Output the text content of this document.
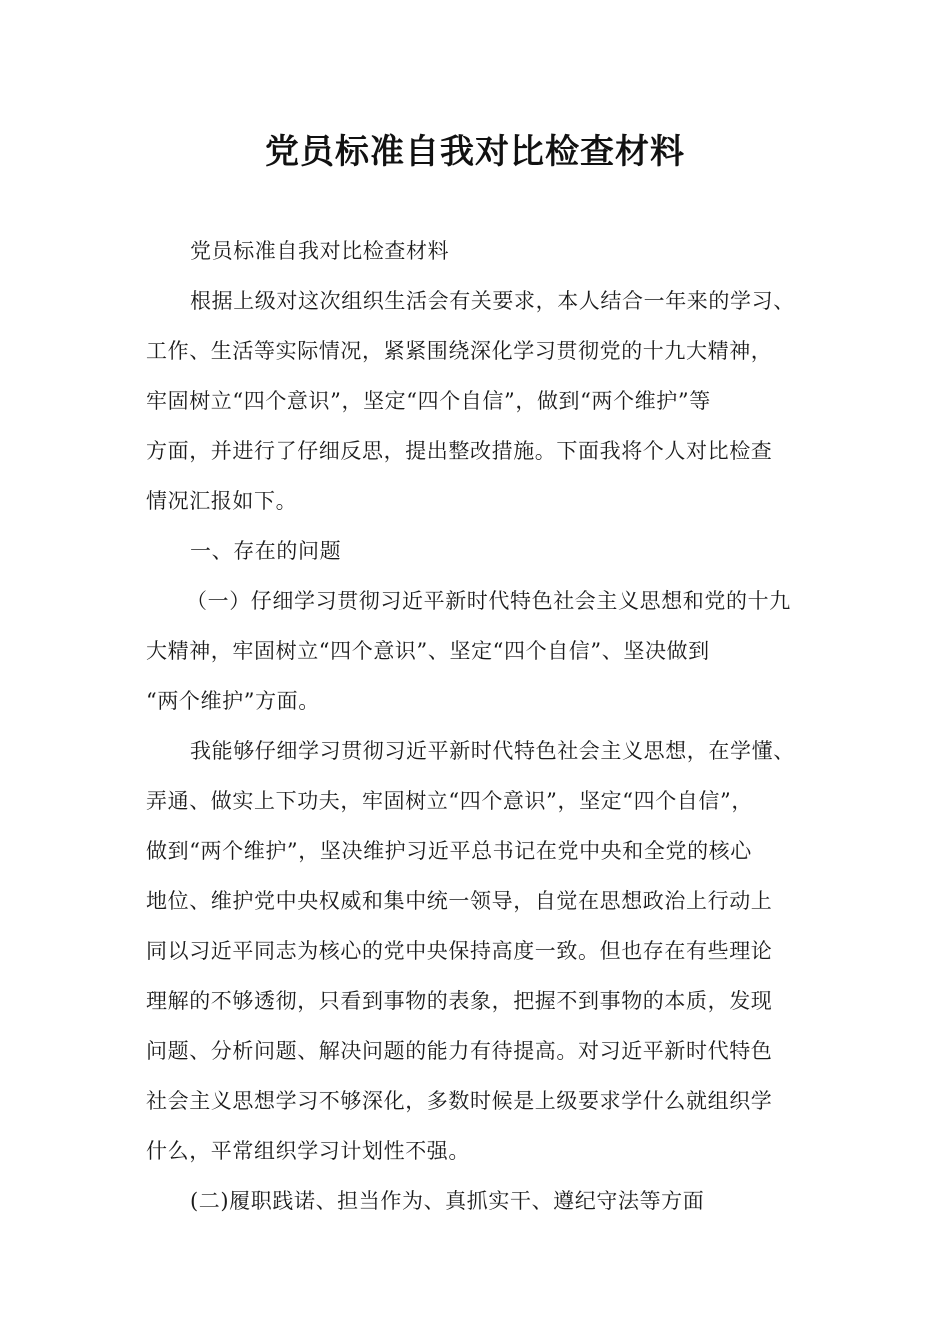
党员标准自我对比检查材料
党员标准自我对比检查材料
根据上级对这次组织生活会有关要求，本人结合一年来的学习、
工作、生活等实际情况，紧紧围绕深化学习贯彻党的十九大精神，
牢固树立“四个意识”，坚定“四个自信”，做到“两个维护”等
方面，并进行了仔细反思，提出整改措施。下面我将个人对比检查
情况汇报如下。
一、存在的问题
（一）仔细学习贯彻习近平新时代特色社会主义思想和党的十九
大精神，牢固树立“四个意识”、坚定“四个自信”、坚决做到
“两个维护”方面。
我能够仔细学习贯彻习近平新时代特色社会主义思想，在学懂、
弄通、做实上下功夫，牢固树立“四个意识”，坚定“四个自信”，
做到“两个维护”，坚决维护习近平总书记在党中央和全党的核心
地位、维护党中央权威和集中统一领导，自觉在思想政治上行动上
同以习近平同志为核心的党中央保持高度一致。但也存在有些理论
理解的不够透彻，只看到事物的表象，把握不到事物的本质，发现
问题、分析问题、解决问题的能力有待提高。对习近平新时代特色
社会主义思想学习不够深化，多数时候是上级要求学什么就组织学
什么，平常组织学习计划性不强。
(二)履职践诺、担当作为、真抓实干、遵纪守法等方面
